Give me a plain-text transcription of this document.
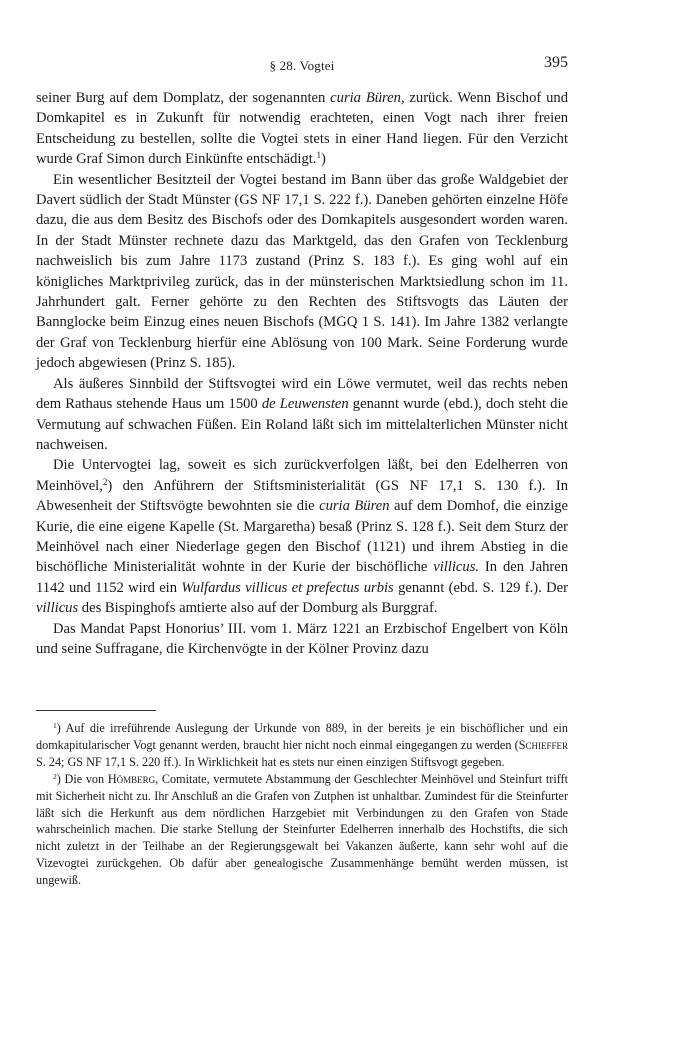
§ 28. Vogtei	395

seiner Burg auf dem Domplatz, der sogenannten curia Büren, zurück. Wenn Bischof und Domkapitel es in Zukunft für notwendig erachteten, einen Vogt nach ihrer freien Entscheidung zu bestellen, sollte die Vogtei stets in einer Hand liegen. Für den Verzicht wurde Graf Simon durch Einkünfte entschädigt.$^1$)

Ein wesentlicher Besitzteil der Vogtei bestand im Bann über das große Waldgebiet der Davert südlich der Stadt Münster (GS NF 17,1 S. 222 f.). Daneben gehörten einzelne Höfe dazu, die aus dem Besitz des Bischofs oder des Domkapitels ausgesondert worden waren. In der Stadt Münster rechnete dazu das Marktgeld, das den Grafen von Tecklenburg nachweislich bis zum Jahre 1173 zustand (Prinz S. 183 f.). Es ging wohl auf ein königliches Marktprivileg zurück, das in der münsterischen Marktsiedlung schon im 11. Jahrhundert galt. Ferner gehörte zu den Rechten des Stiftsvogts das Läuten der Bannglocke beim Einzug eines neuen Bischofs (MGQ 1 S. 141). Im Jahre 1382 verlangte der Graf von Tecklenburg hierfür eine Ablösung von 100 Mark. Seine Forderung wurde jedoch abgewiesen (Prinz S. 185).

Als äußeres Sinnbild der Stiftsvogtei wird ein Löwe vermutet, weil das rechts neben dem Rathaus stehende Haus um 1500 de Leuwensten genannt wurde (ebd.), doch steht die Vermutung auf schwachen Füßen. Ein Roland läßt sich im mittelalterlichen Münster nicht nachweisen.

Die Untervogtei lag, soweit es sich zurückverfolgen läßt, bei den Edelherren von Meinhövel,$^2$) den Anführern der Stiftsministerialität (GS NF 17,1 S. 130 f.). In Abwesenheit der Stiftsvögte bewohnten sie die curia Büren auf dem Domhof, die einzige Kurie, die eine eigene Kapelle (St. Margaretha) besaß (Prinz S. 128 f.). Seit dem Sturz der Meinhövel nach einer Niederlage gegen den Bischof (1121) und ihrem Abstieg in die bischöfliche Ministerialität wohnte in der Kurie der bischöfliche villicus. In den Jahren 1142 und 1152 wird ein Wulfardus villicus et prefectus urbis genannt (ebd. S. 129 f.). Der villicus des Bispinghofs amtierte also auf der Domburg als Burggraf.

Das Mandat Papst Honorius’ III. vom 1. März 1221 an Erzbischof Engelbert von Köln und seine Suffragane, die Kirchenvögte in der Kölner Provinz dazu

$^1$) Auf die irreführende Auslegung der Urkunde von 889, in der bereits je ein bischöflicher und ein domkapitularischer Vogt genannt werden, braucht hier nicht noch einmal eingegangen zu werden (Schieffer S. 24; GS NF 17,1 S. 220 ff.). In Wirklichkeit hat es stets nur einen einzigen Stiftsvogt gegeben.

$^2$) Die von Hömberg, Comitate, vermutete Abstammung der Geschlechter Meinhövel und Steinfurt trifft mit Sicherheit nicht zu. Ihr Anschluß an die Grafen von Zutphen ist unhaltbar. Zumindest für die Steinfurter läßt sich die Herkunft aus dem nördlichen Harzgebiet mit Verbindungen zu den Grafen von Stade wahrscheinlich machen. Die starke Stellung der Steinfurter Edelherren innerhalb des Hochstifts, die sich nicht zuletzt in der Teilhabe an der Regierungsgewalt bei Vakanzen äußerte, kann sehr wohl auf die Vizevogtei zurückgehen. Ob dafür aber genealogische Zusammenhänge bemüht werden müssen, ist ungewiß.
